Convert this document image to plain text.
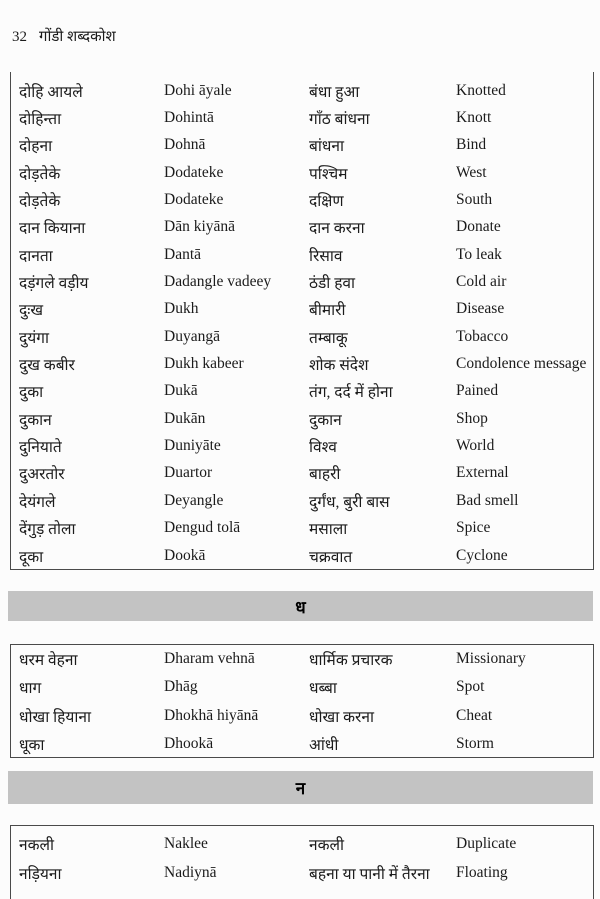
32 गोंडी शब्दकोश
दोहि आयले	Dohi āyale	बंधा हुआ	Knotted
दोहिन्ता	Dohintā	गाँठ बांधना	Knott
दोहना	Dohnā	बांधना	Bind
दोड़तेके	Dodateke	पश्चिम	West
दोड़तेके	Dodateke	दक्षिण	South
दान कियाना	Dān kiyānā	दान करना	Donate
दानता	Dantā	रिसाव	To leak
दड़ंगले वड़ीय	Dadangle vadeey	ठंडी हवा	Cold air
दुःख	Dukh	बीमारी	Disease
दुयंगा	Duyangā	तम्बाकू	Tobacco
दुख कबीर	Dukh kabeer	शोक संदेश	Condolence message
दुका	Dukā	तंग, दर्द में होना	Pained
दुकान	Dukān	दुकान	Shop
दुनियाते	Duniyāte	विश्व	World
दुअरतोर	Duartor	बाहरी	External
देयंगले	Deyangle	दुर्गंध, बुरी बास	Bad smell
देंगुड़ तोला	Dengud tolā	मसाला	Spice
दूका	Dookā	चक्रवात	Cyclone
ध
धरम वेहना	Dharam vehnā	धार्मिक प्रचारक	Missionary
धाग	Dhāg	धब्बा	Spot
धोखा हियाना	Dhokhā hiyānā	धोखा करना	Cheat
धूका	Dhookā	आंधी	Storm
न
नकली	Naklee	नकली	Duplicate
नड़ियना	Nadiynā	बहना या पानी में तैरना	Floating
